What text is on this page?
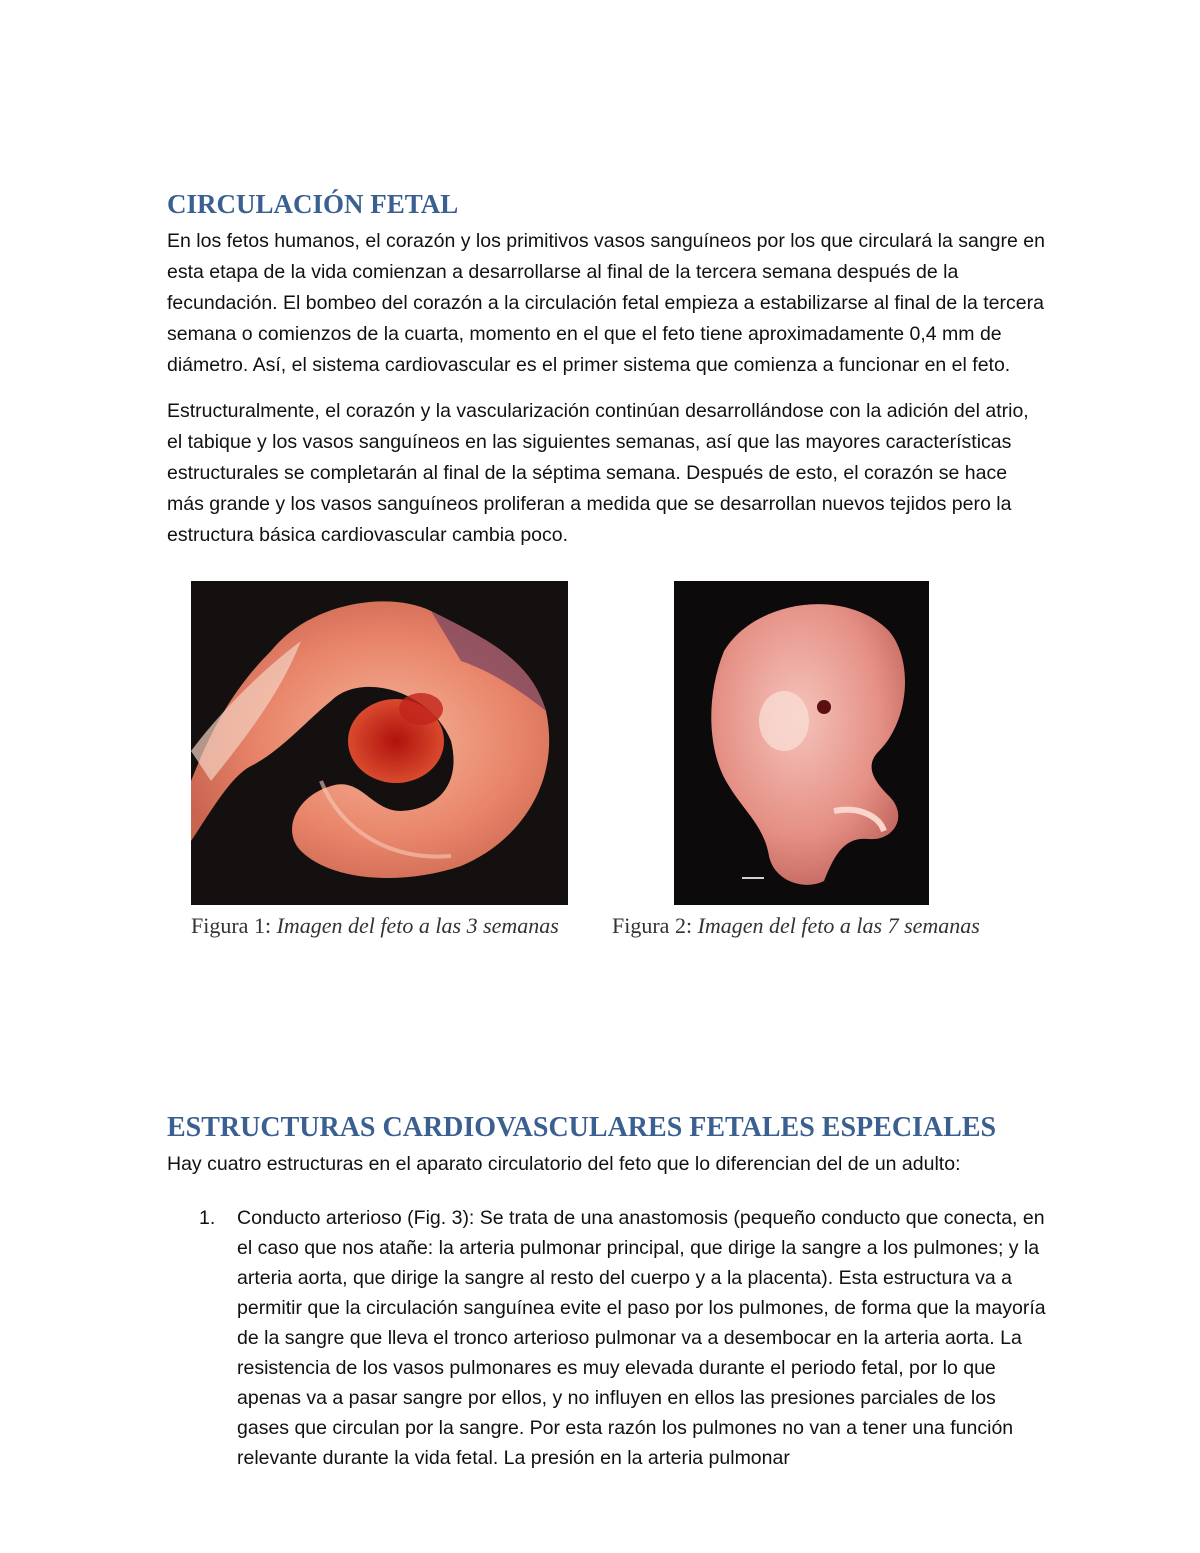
CIRCULACIÓN FETAL

En los fetos humanos, el corazón y los primitivos vasos sanguíneos por los que circulará la sangre en esta etapa de la vida comienzan a desarrollarse al final de la tercera semana después de la fecundación. El bombeo del corazón a la circulación fetal empieza a estabilizarse al final de la tercera semana o comienzos de la cuarta, momento en el que el feto tiene aproximadamente 0,4 mm de diámetro. Así, el sistema cardiovascular es el primer sistema que comienza a funcionar en el feto.

Estructuralmente, el corazón y la vascularización continúan desarrollándose con la adición del atrio, el tabique y los vasos sanguíneos en las siguientes semanas, así que las mayores características estructurales se completarán al final de la séptima semana. Después de esto, el corazón se hace más grande y los vasos sanguíneos proliferan a medida que se desarrollan nuevos tejidos pero la estructura básica cardiovascular cambia poco.

Figura 1: Imagen del feto a las 3 semanas Figura 2: Imagen del feto a las 7 semanas
ESTRUCTURAS CARDIOVASCULARES FETALES ESPECIALES

Hay cuatro estructuras en el aparato circulatorio del feto que lo diferencian del de un adulto:

1. Conducto arterioso (Fig. 3): Se trata de una anastomosis (pequeño conducto que conecta, en el caso que nos atañe: la arteria pulmonar principal, que dirige la sangre a los pulmones; y la arteria aorta, que dirige la sangre al resto del cuerpo y a la placenta). Esta estructura va a permitir que la circulación sanguínea evite el paso por los pulmones, de forma que la mayoría de la sangre que lleva el tronco arterioso pulmonar va a desembocar en la arteria aorta. La resistencia de los vasos pulmonares es muy elevada durante el periodo fetal, por lo que apenas va a pasar sangre por ellos, y no influyen en ellos las presiones parciales de los gases que circulan por la sangre. Por esta razón los pulmones no van a tener una función relevante durante la vida fetal. La presión en la arteria pulmonar
